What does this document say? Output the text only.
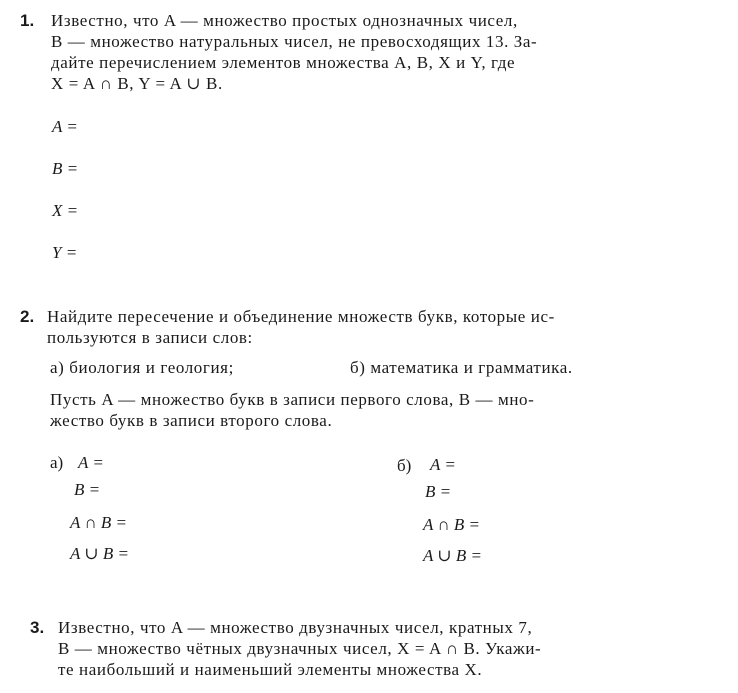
1. Известно, что A — множество простых однозначных чисел,
B — множество натуральных чисел, не превосходящих 13. За-
дайте перечислением элементов множества A, B, X и Y, где
X = A ∩ B, Y = A ∪ B.
A =
B =
X =
Y =
2. Найдите пересечение и объединение множеств букв, которые ис-
пользуются в записи слов:
а) биология и геология;	б) математика и грамматика.
Пусть A — множество букв в записи первого слова, B — мно-
жество букв в записи второго слова.
а) A =
B =
A ∩ B =
A ∪ B =
б) A =
B =
A ∩ B =
A ∪ B =
3. Известно, что A — множество двузначных чисел, кратных 7,
B — множество чётных двузначных чисел, X = A ∩ B. Укажи-
те наибольший и наименьший элементы множества X.
